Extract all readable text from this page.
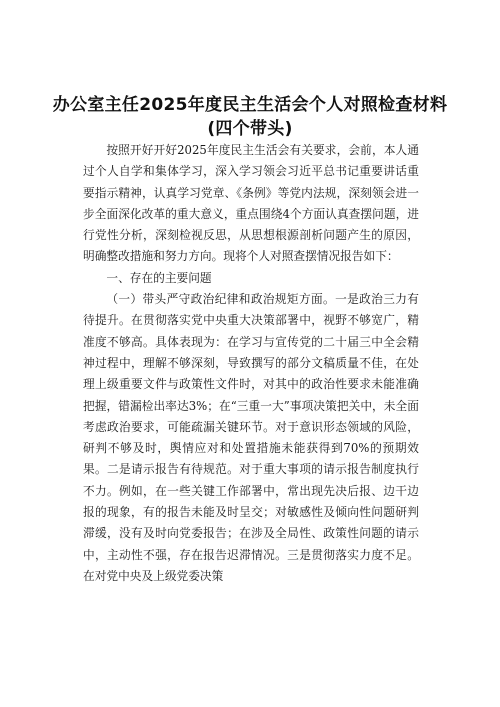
办公室主任2025年度民主生活会个人对照检查材料
(四个带头)

按照开好开好2025年度民主生活会有关要求，会前，本人通过个人自学和集体学习，深入学习领会习近平总书记重要讲话重要指示精神，认真学习党章、《条例》等党内法规，深刻领会进一步全面深化改革的重大意义，重点围绕4个方面认真查摆问题，进行党性分析，深刻检视反思，从思想根源剖析问题产生的原因，明确整改措施和努力方向。现将个人对照查摆情况报告如下：

一、存在的主要问题

（一）带头严守政治纪律和政治规矩方面。一是政治三力有待提升。在贯彻落实党中央重大决策部署中，视野不够宽广，精准度不够高。具体表现为：在学习与宣传党的二十届三中全会精神过程中，理解不够深刻，导致撰写的部分文稿质量不佳，在处理上级重要文件与政策性文件时，对其中的政治性要求未能准确把握，错漏检出率达3%；在“三重一大”事项决策把关中，未全面考虑政治要求，可能疏漏关键环节。对于意识形态领域的风险，研判不够及时，舆情应对和处置措施未能获得到70%的预期效果。二是请示报告有待规范。对于重大事项的请示报告制度执行不力。例如，在一些关键工作部署中，常出现先决后报、边干边报的现象，有的报告未能及时呈交；对敏感性及倾向性问题研判滞缓，没有及时向党委报告；在涉及全局性、政策性问题的请示中，主动性不强，存在报告迟滞情况。三是贯彻落实力度不足。在对党中央及上级党委决策
